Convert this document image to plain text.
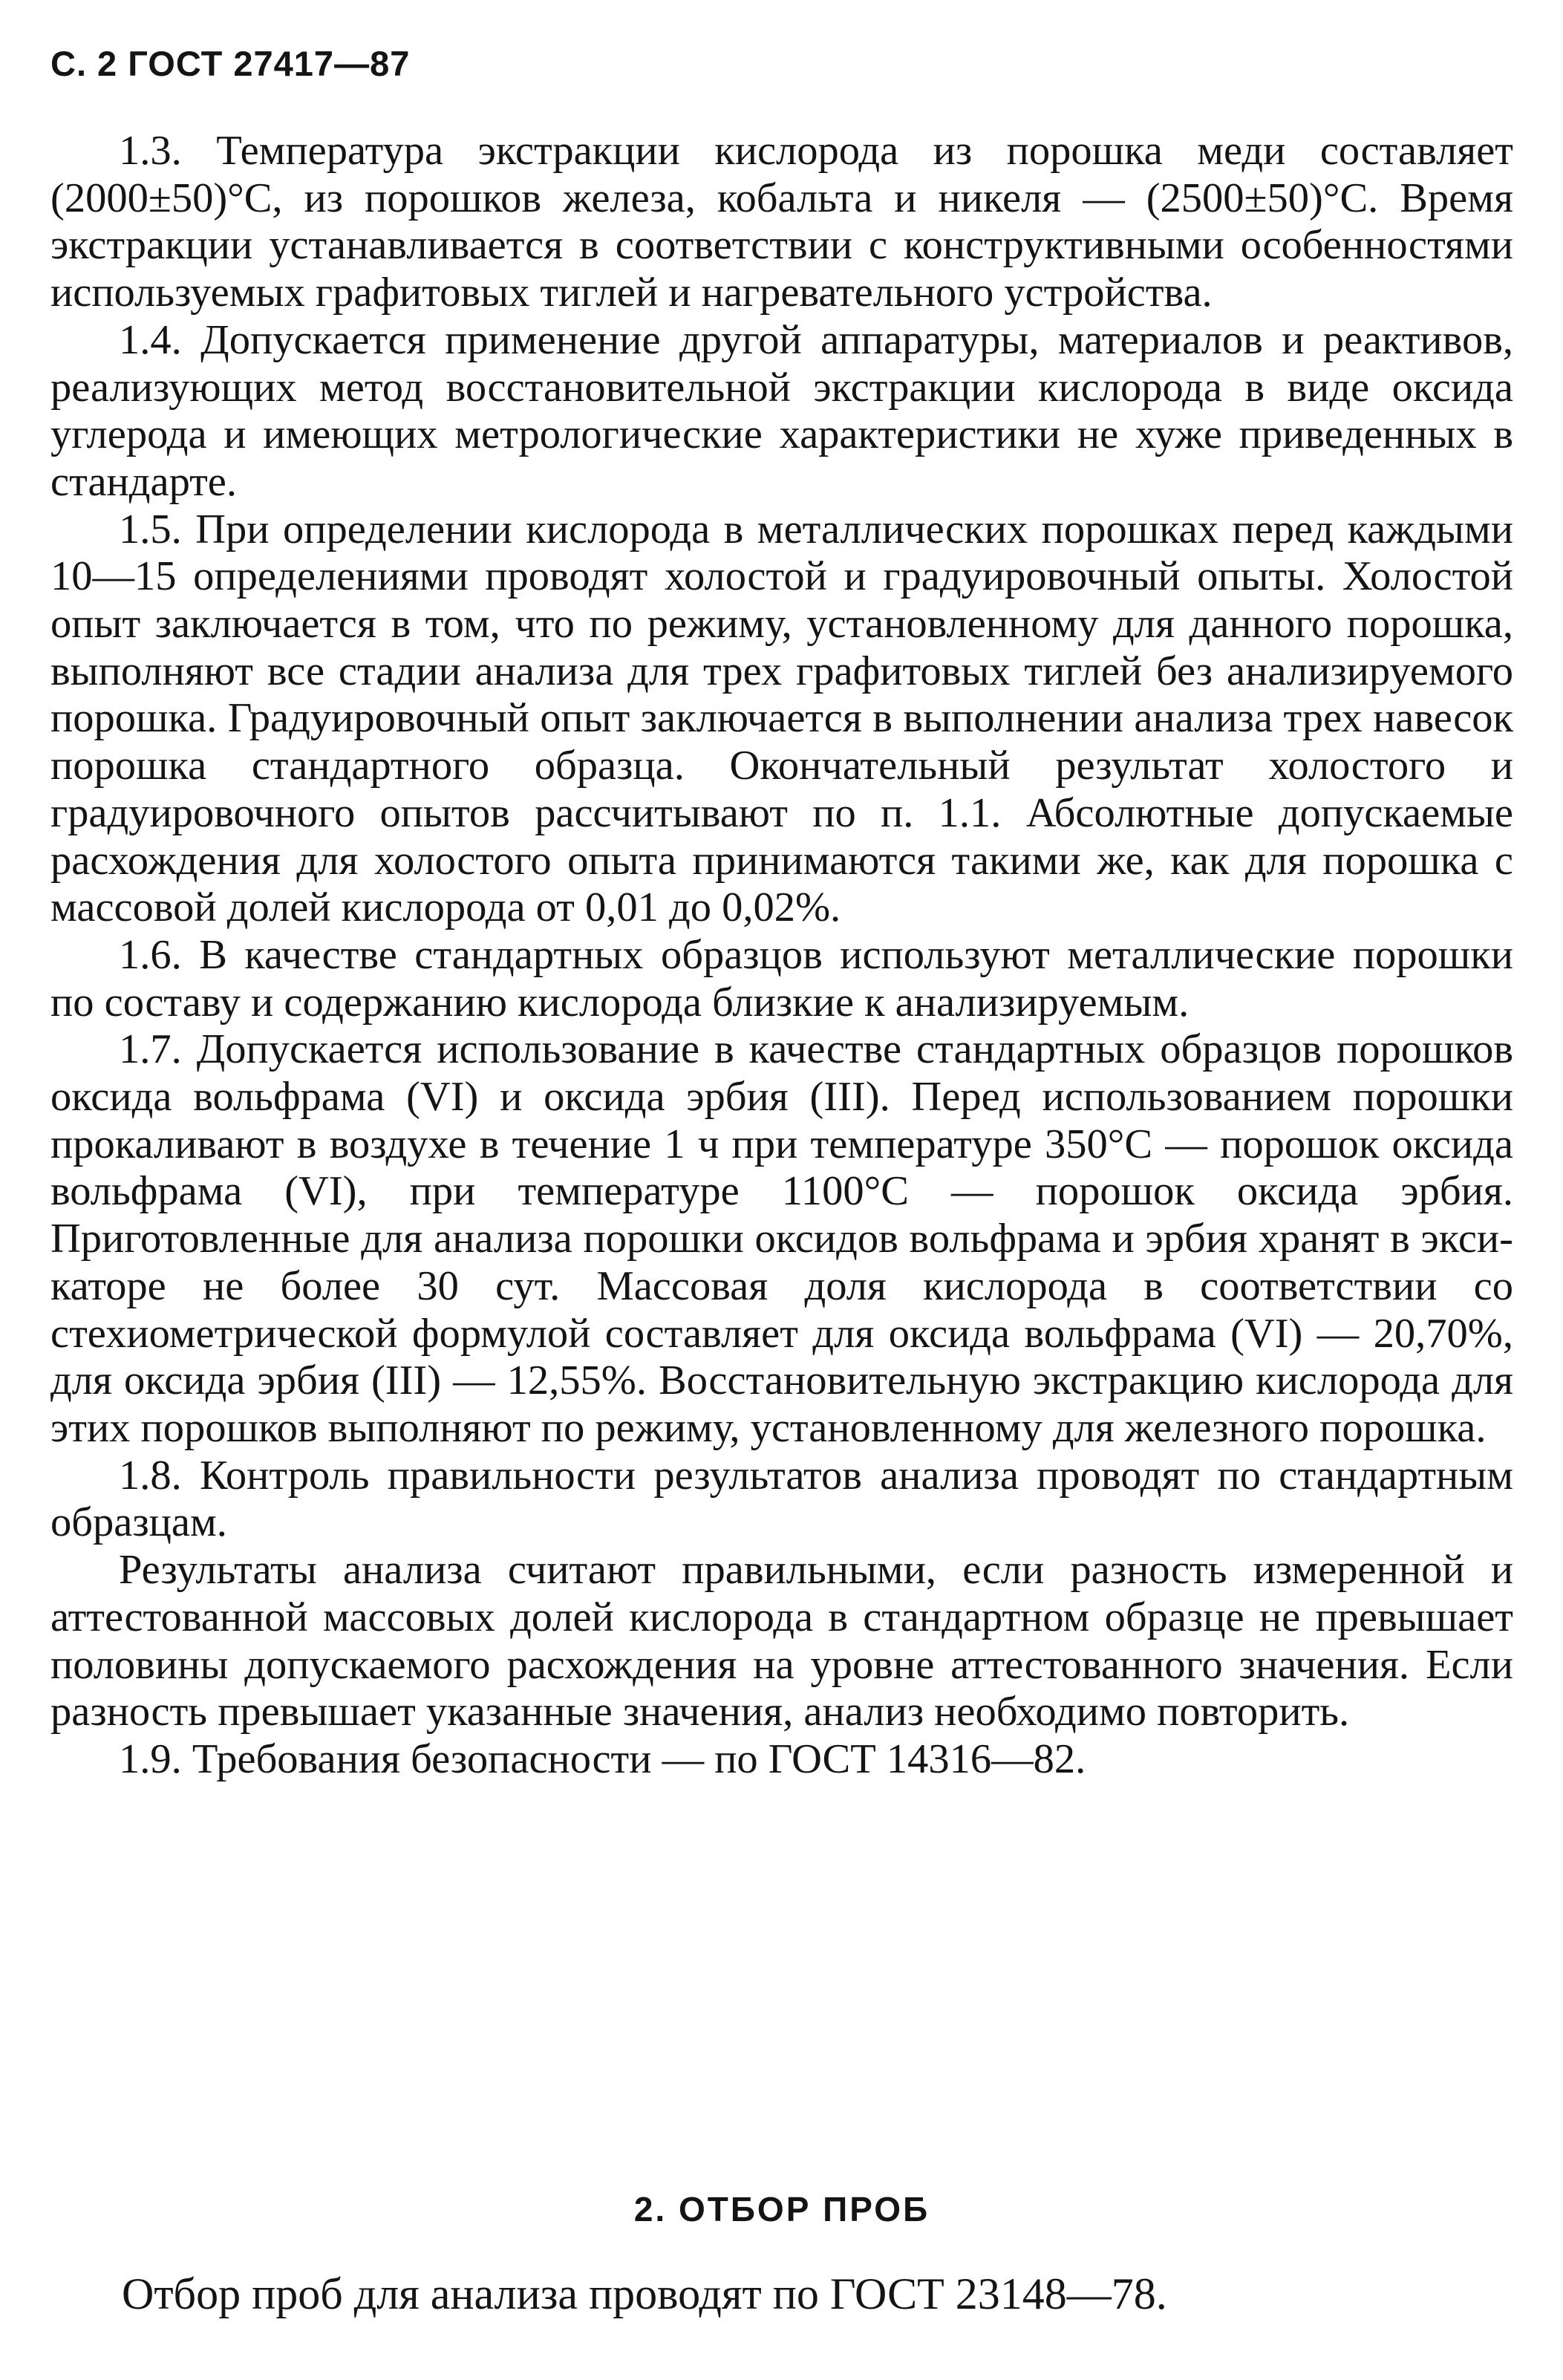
С. 2 ГОСТ 27417—87

1.3. Температура экстракции кислорода из порошка меди составляет (2000±50)°С, из порошков железа, кобальта и никеля — (2500±50)°С. Время экстракции устанавливается в соответствии с конструктивными особенностями используемых графитовых тиглей и нагревательного устройства.

1.4. Допускается применение другой аппаратуры, материалов и реактивов, реализующих метод восстановительной экстракции кислорода в виде оксида углерода и имеющих метрологические характеристики не хуже приведенных в стандарте.

1.5. При определении кислорода в металлических порошках перед каждыми 10—15 определениями проводят холостой и градуировочный опыты. Холостой опыт заключается в том, что по режиму, установленному для данного порошка, выполняют все стадии анализа для трех графитовых тиглей без анализируемого порошка. Градуировочный опыт заключается в выполнении анализа трех навесок порошка стандартного образца. Окончательный результат холостого и градуировочного опытов рассчитывают по п. 1.1. Абсолютные допускаемые расхождения для холостого опыта принимаются такими же, как для порошка с массовой долей кислорода от 0,01 до 0,02%.

1.6. В качестве стандартных образцов используют металлические порошки по составу и содержанию кислорода близкие к анализируемым.

1.7. Допускается использование в качестве стандартных образцов порошков оксида вольфрама (VI) и оксида эрбия (III). Перед использованием порошки прокаливают в воздухе в течение 1 ч при температуре 350°С — порошок оксида вольфрама (VI), при температуре 1100°С — порошок оксида эрбия. Приготовленные для анализа порошки оксидов вольфрама и эрбия хранят в эксикаторе не более 30 сут. Массовая доля кислорода в соответствии со стехиометрической формулой составляет для оксида вольфрама (VI) — 20,70%, для оксида эрбия (III) — 12,55%. Восстановительную экстракцию кислорода для этих порошков выполняют по режиму, установленному для железного порошка.

1.8. Контроль правильности результатов анализа проводят по стандартным образцам.

Результаты анализа считают правильными, если разность измеренной и аттестованной массовых долей кислорода в стандартном образце не превышает половины допускаемого расхождения на уровне аттестованного значения. Если разность превышает указанные значения, анализ необходимо повторить.

1.9. Требования безопасности — по ГОСТ 14316—82.

2. ОТБОР ПРОБ

Отбор проб для анализа проводят по ГОСТ 23148—78.
